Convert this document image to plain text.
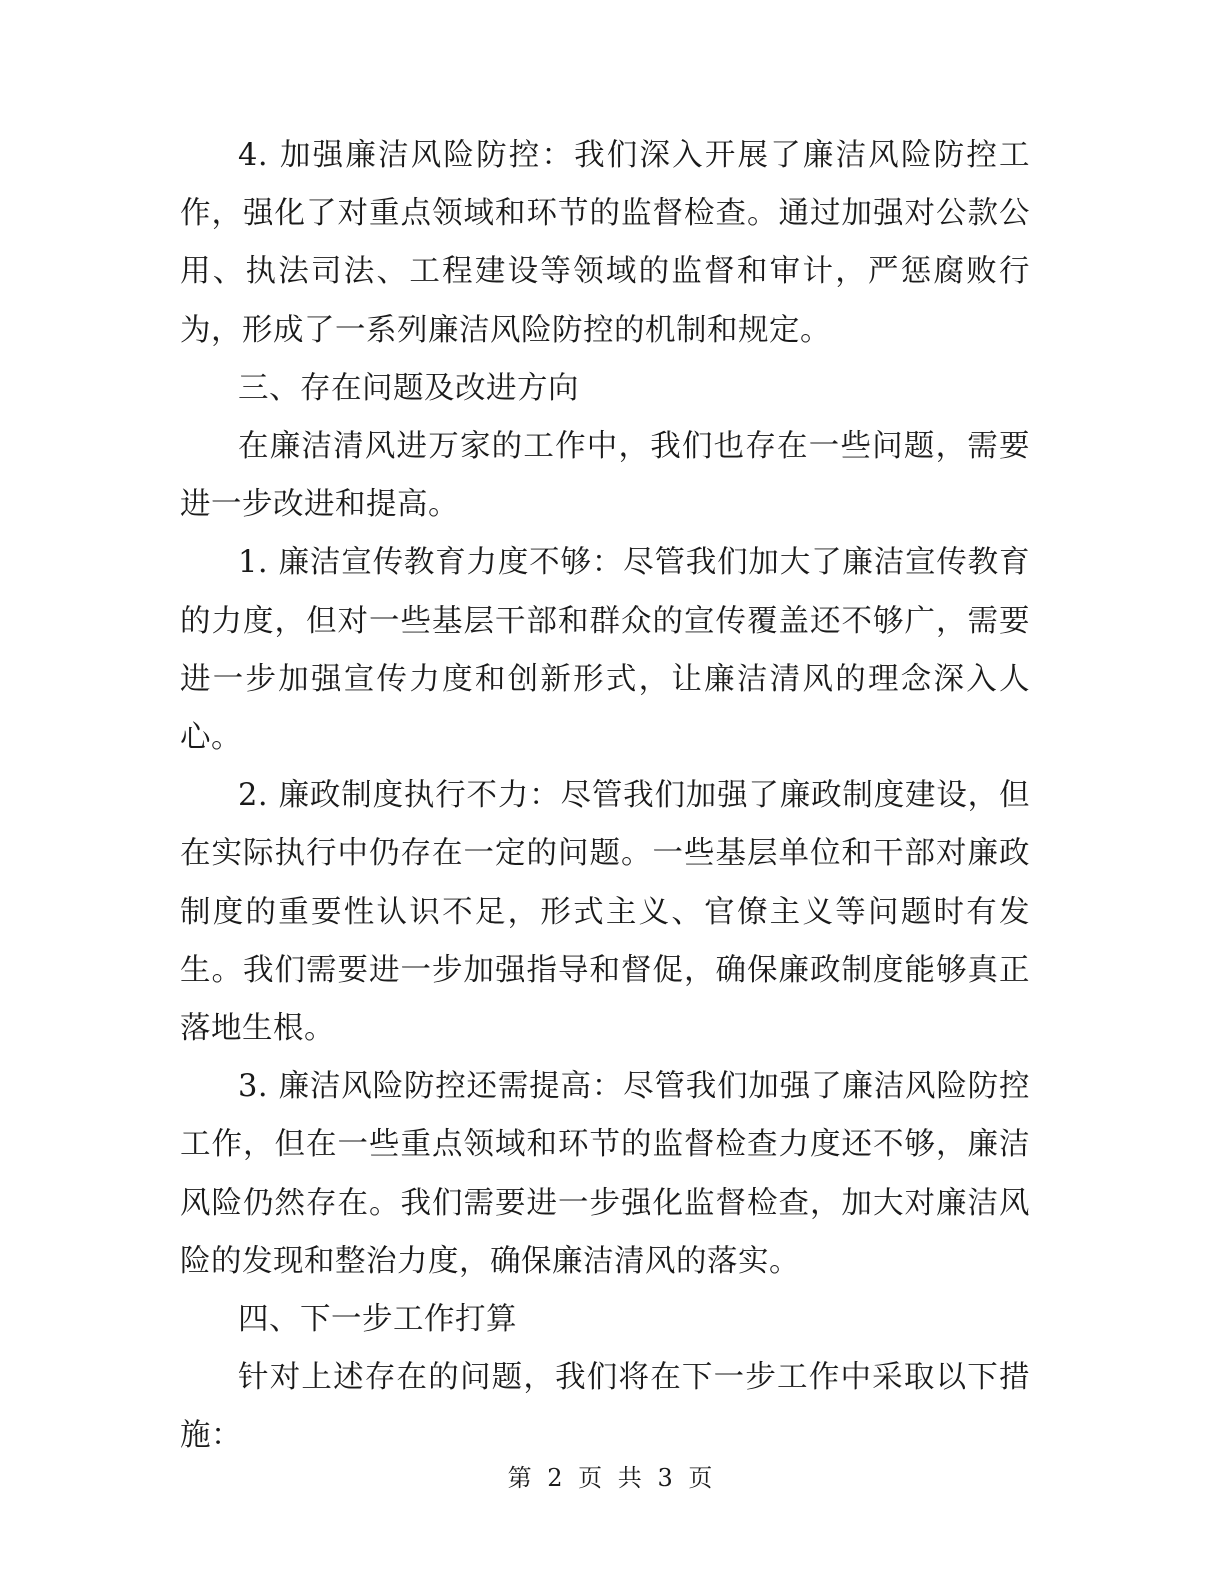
4. 加强廉洁风险防控：我们深入开展了廉洁风险防控工作，强化了对重点领域和环节的监督检查。通过加强对公款公用、执法司法、工程建设等领域的监督和审计，严惩腐败行为，形成了一系列廉洁风险防控的机制和规定。

三、存在问题及改进方向

在廉洁清风进万家的工作中，我们也存在一些问题，需要进一步改进和提高。

1. 廉洁宣传教育力度不够：尽管我们加大了廉洁宣传教育的力度，但对一些基层干部和群众的宣传覆盖还不够广，需要进一步加强宣传力度和创新形式，让廉洁清风的理念深入人心。

2. 廉政制度执行不力：尽管我们加强了廉政制度建设，但在实际执行中仍存在一定的问题。一些基层单位和干部对廉政制度的重要性认识不足，形式主义、官僚主义等问题时有发生。我们需要进一步加强指导和督促，确保廉政制度能够真正落地生根。

3. 廉洁风险防控还需提高：尽管我们加强了廉洁风险防控工作，但在一些重点领域和环节的监督检查力度还不够，廉洁风险仍然存在。我们需要进一步强化监督检查，加大对廉洁风险的发现和整治力度，确保廉洁清风的落实。

四、下一步工作打算

针对上述存在的问题，我们将在下一步工作中采取以下措施：

第 2 页 共 3 页
